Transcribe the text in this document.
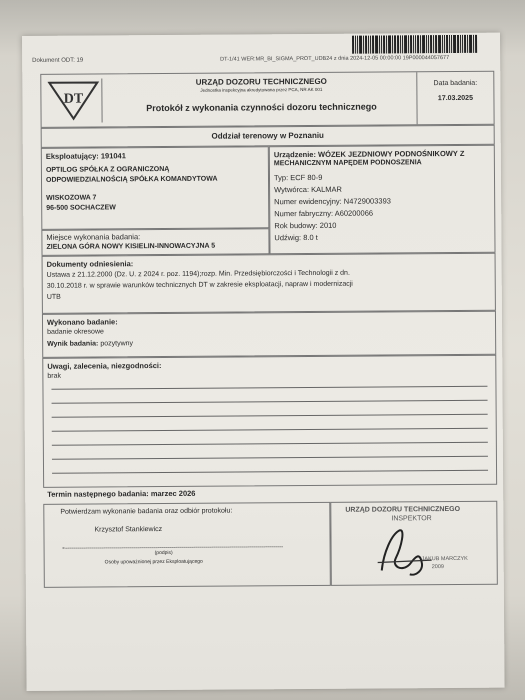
Dokument ODT: 19	DT-1/41 WER:MR_BI_SIGMA_PROT_UDB24 z dnia 2024-12-05 00:00:00 19P000044057677
DT
URZĄD DOZORU TECHNICZNEGO
Jednostka inspekcyjna akredytowana przez PCA, NR AK 001
Protokół z wykonania czynności dozoru technicznego
Data badania:
17.03.2025
Oddział terenowy w Poznaniu
Eksploatujący: 191041
OPTILOG SPÓŁKA Z OGRANICZONĄ
ODPOWIEDZIALNOŚCIĄ SPÓŁKA KOMANDYTOWA
WISKOZOWA 7
96-500 SOCHACZEW
Miejsce wykonania badania:
ZIELONA GÓRA NOWY KISIELIN-INNOWACYJNA 5
Urządzenie: WÓZEK JEZDNIOWY PODNOŚNIKOWY Z
MECHANICZNYM NAPĘDEM PODNOSZENIA
Typ: ECF 80-9
Wytwórca: KALMAR
Numer ewidencyjny: N4729003393
Numer fabryczny: A60200066
Rok budowy: 2010
Udźwig: 8.0 t
Dokumenty odniesienia:
Ustawa z 21.12.2000 (Dz. U. z 2024 r. poz. 1194);rozp. Min. Przedsiębiorczości i Technologii z dn.
30.10.2018 r. w sprawie warunków technicznych DT w zakresie eksploatacji, napraw i modernizacji
UTB
Wykonano badanie:
badanie okresowe
Wynik badania: pozytywny
Uwagi, zalecenia, niezgodności:
brak
Termin następnego badania: marzec 2026
Potwierdzam wykonanie badania oraz odbiór protokołu:
Krzysztof Stankiewicz
(podpis)
Osoby upoważnionej przez Eksploatującego
URZĄD DOZORU TECHNICZNEGO
INSPEKTOR
JAKUB MARCZYK
2009
